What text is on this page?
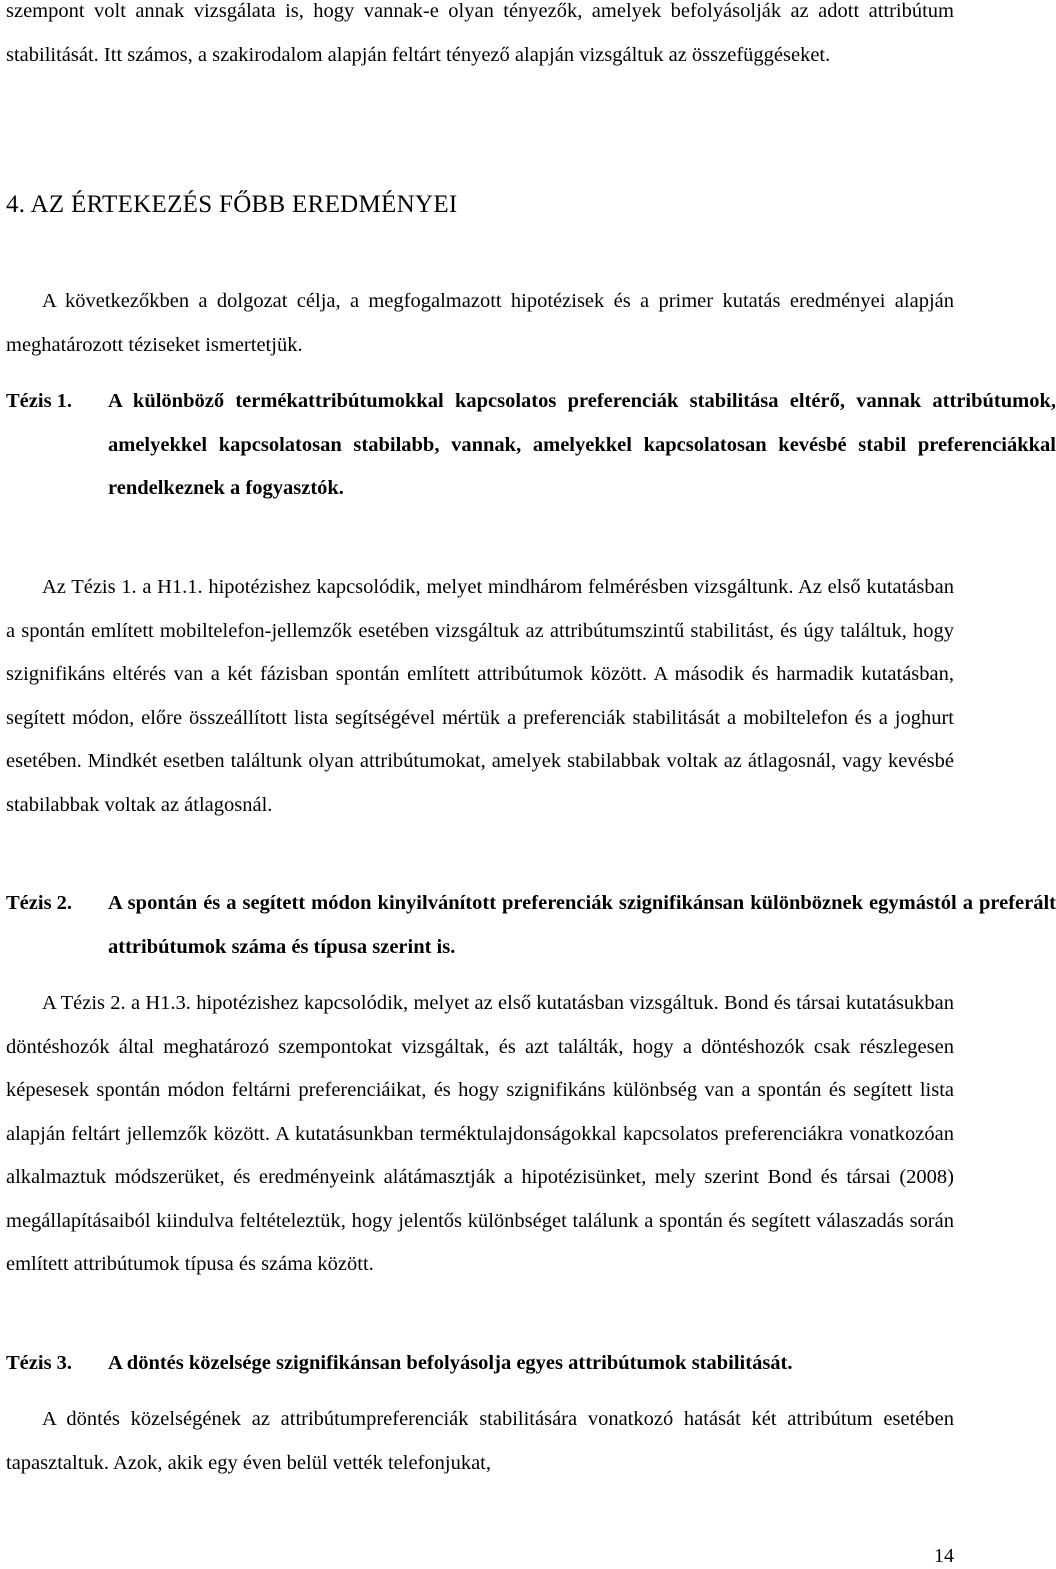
szempont volt annak vizsgálata is, hogy vannak-e olyan tényezők, amelyek befolyásolják az adott attribútum stabilitását. Itt számos, a szakirodalom alapján feltárt tényező alapján vizsgáltuk az összefüggéseket.

4. AZ ÉRTEKEZÉS FŐBB EREDMÉNYEI

A következőkben a dolgozat célja, a megfogalmazott hipotézisek és a primer kutatás eredményei alapján meghatározott téziseket ismertetjük.

Tézis 1. A különböző termékattribútumokkal kapcsolatos preferenciák stabilitása eltérő, vannak attribútumok, amelyekkel kapcsolatosan stabilabb, vannak, amelyekkel kapcsolatosan kevésbé stabil preferenciákkal rendelkeznek a fogyasztók.

Az Tézis 1. a H1.1. hipotézishez kapcsolódik, melyet mindhárom felmérésben vizsgáltunk. Az első kutatásban a spontán említett mobiltelefon-jellemzők esetében vizsgáltuk az attribútumszintű stabilitást, és úgy találtuk, hogy szignifikáns eltérés van a két fázisban spontán említett attribútumok között. A második és harmadik kutatásban, segített módon, előre összeállított lista segítségével mértük a preferenciák stabilitását a mobiltelefon és a joghurt esetében. Mindkét esetben találtunk olyan attribútumokat, amelyek stabilabbak voltak az átlagosnál, vagy kevésbé stabilabbak voltak az átlagosnál.

Tézis 2. A spontán és a segített módon kinyilvánított preferenciák szignifikánsan különböznek egymástól a preferált attribútumok száma és típusa szerint is.

A Tézis 2. a H1.3. hipotézishez kapcsolódik, melyet az első kutatásban vizsgáltuk. Bond és társai kutatásukban döntéshozók által meghatározó szempontokat vizsgáltak, és azt találták, hogy a döntéshozók csak részlegesen képesesek spontán módon feltárni preferenciáikat, és hogy szignifikáns különbség van a spontán és segített lista alapján feltárt jellemzők között. A kutatásunkban terméktulajdonságokkal kapcsolatos preferenciákra vonatkozóan alkalmaztuk módszerüket, és eredményeink alátámasztják a hipotézisünket, mely szerint Bond és társai (2008) megállapításaiból kiindulva feltételeztük, hogy jelentős különbséget találunk a spontán és segített válaszadás során említett attribútumok típusa és száma között.

Tézis 3. A döntés közelsége szignifikánsan befolyásolja egyes attribútumok stabilitását.

A döntés közelségének az attribútumpreferenciák stabilitására vonatkozó hatását két attribútum esetében tapasztaltuk. Azok, akik egy éven belül vették telefonjukat,

14
